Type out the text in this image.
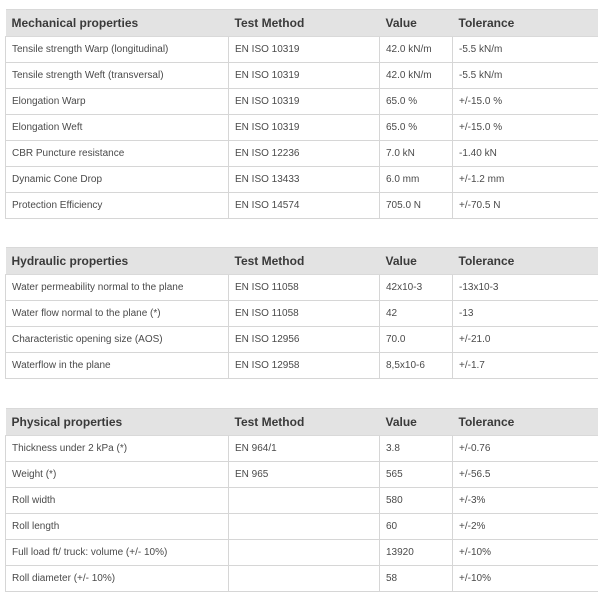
Mechanical properties	Test Method	Value	Tolerance
Tensile strength Warp (longitudinal)	EN ISO 10319	42.0 kN/m	-5.5 kN/m
Tensile strength Weft (transversal)	EN ISO 10319	42.0 kN/m	-5.5 kN/m
Elongation Warp	EN ISO 10319	65.0 %	+/-15.0 %
Elongation Weft	EN ISO 10319	65.0 %	+/-15.0 %
CBR Puncture resistance	EN ISO 12236	7.0 kN	-1.40 kN
Dynamic Cone Drop	EN ISO 13433	6.0 mm	+/-1.2 mm
Protection Efficiency	EN ISO 14574	705.0 N	+/-70.5 N
Hydraulic properties	Test Method	Value	Tolerance
Water permeability normal to the plane	EN ISO 11058	42x10-3	-13x10-3
Water flow normal to the plane (*)	EN ISO 11058	42	-13
Characteristic opening size (AOS)	EN ISO 12956	70.0	+/-21.0
Waterflow in the plane	EN ISO 12958	8,5x10-6	+/-1.7
Physical properties	Test Method	Value	Tolerance
Thickness under 2 kPa (*)	EN 964/1	3.8	+/-0.76
Weight (*)	EN 965	565	+/-56.5
Roll width		580	+/-3%
Roll length		60	+/-2%
Full load ft/ truck: volume (+/- 10%)		13920	+/-10%
Roll diameter (+/- 10%)		58	+/-10%
